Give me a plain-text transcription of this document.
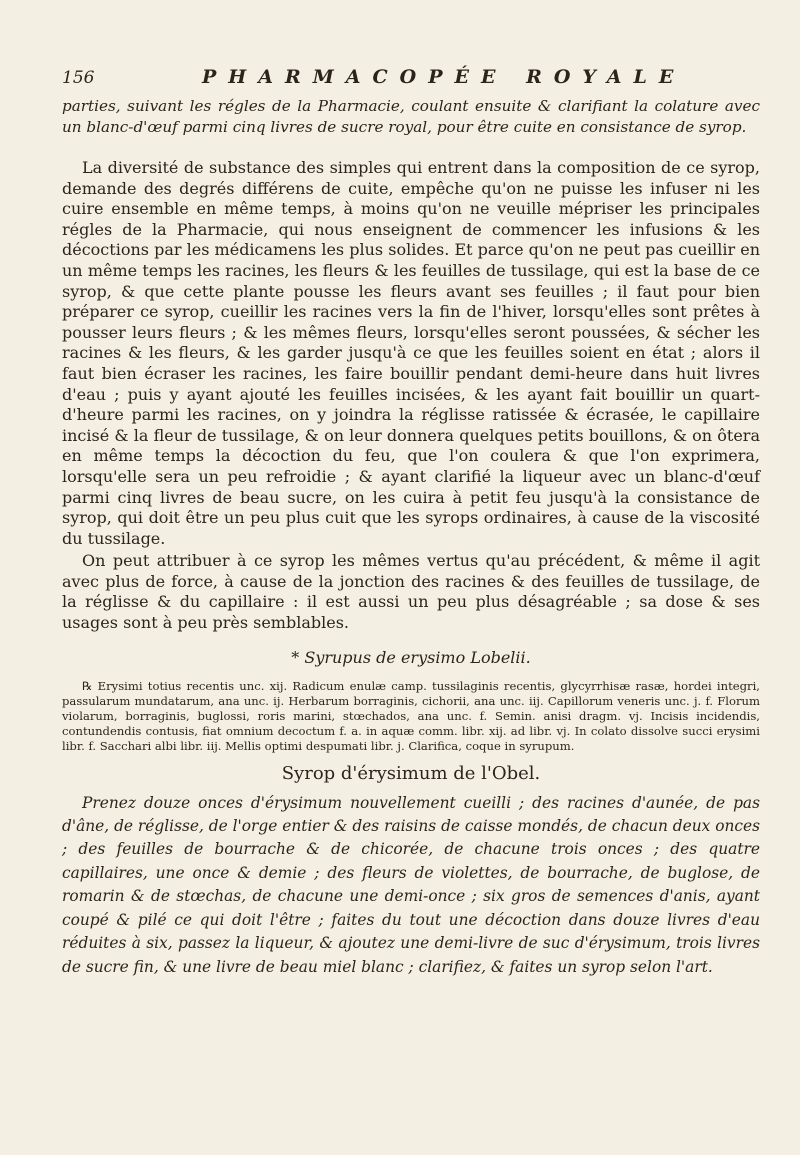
156	PHARMACOPÉE ROYALE

parties, suivant les régles de la Pharmacie, coulant ensuite & clarifiant la colature avec un blanc-d'œuf parmi cinq livres de sucre royal, pour être cuite en consistance de syrop.

La diversité de substance des simples qui entrent dans la composition de ce syrop, demande des degrés différens de cuite, empêche qu'on ne puisse les infuser ni les cuire ensemble en même temps, à moins qu'on ne veuille mépriser les principales régles de la Pharmacie, qui nous enseignent de commencer les infusions & les décoctions par les médicamens les plus solides. Et parce qu'on ne peut pas cueillir en un même temps les racines, les fleurs & les feuilles de tussilage, qui est la base de ce syrop, & que cette plante pousse les fleurs avant ses feuilles ; il faut pour bien préparer ce syrop, cueillir les racines vers la fin de l'hiver, lorsqu'elles sont prêtes à pousser leurs fleurs ; & les mêmes fleurs, lorsqu'elles seront poussées, & sécher les racines & les fleurs, & les garder jusqu'à ce que les feuilles soient en état ; alors il faut bien écraser les racines, les faire bouillir pendant demi-heure dans huit livres d'eau ; puis y ayant ajouté les feuilles incisées, & les ayant fait bouillir un quart-d'heure parmi les racines, on y joindra la réglisse ratissée & écrasée, le capillaire incisé & la fleur de tussilage, & on leur donnera quelques petits bouillons, & on ôtera en même temps la décoction du feu, que l'on coulera & que l'on exprimera, lorsqu'elle sera un peu refroidie ; & ayant clarifié la liqueur avec un blanc-d'œuf parmi cinq livres de beau sucre, on les cuira à petit feu jusqu'à la consistance de syrop, qui doit être un peu plus cuit que les syrops ordinaires, à cause de la viscosité du tussilage.

On peut attribuer à ce syrop les mêmes vertus qu'au précédent, & même il agit avec plus de force, à cause de la jonction des racines & des feuilles de tussilage, de la réglisse & du capillaire : il est aussi un peu plus désagréable ; sa dose & ses usages sont à peu près semblables.

* Syrupus de erysimo Lobelii.

℞ Erysimi totius recentis unc. xij. Radicum enulæ camp. tussilaginis recentis, glycyrrhisæ rasæ, hordei integri, passularum mundatarum, ana unc. ij. Herbarum borraginis, cichorii, ana unc. iij. Capillorum veneris unc. j. f. Florum violarum, borraginis, buglossi, roris marini, stœchados, ana unc. f. Semin. anisi dragm. vj. Incisis incidendis, contundendis contusis, fiat omnium decoctum f. a. in aquæ comm. libr. xij. ad libr. vj. In colato dissolve succi erysimi libr. f. Sacchari albi libr. iij. Mellis optimi despumati libr. j. Clarifica, coque in syrupum.

Syrop d'érysimum de l'Obel.

Prenez douze onces d'érysimum nouvellement cueilli ; des racines d'aunée, de pas d'âne, de réglisse, de l'orge entier & des raisins de caisse mondés, de chacun deux onces ; des feuilles de bourrache & de chicorée, de chacune trois onces ; des quatre capillaires, une once & demie ; des fleurs de violettes, de bourrache, de buglose, de romarin & de stœchas, de chacune une demi-once ; six gros de semences d'anis, ayant coupé & pilé ce qui doit l'être ; faites du tout une décoction dans douze livres d'eau réduites à six, passez la liqueur, & ajoutez une demi-livre de suc d'érysimum, trois livres de sucre fin, & une livre de beau miel blanc ; clarifiez, & faites un syrop selon l'art.
